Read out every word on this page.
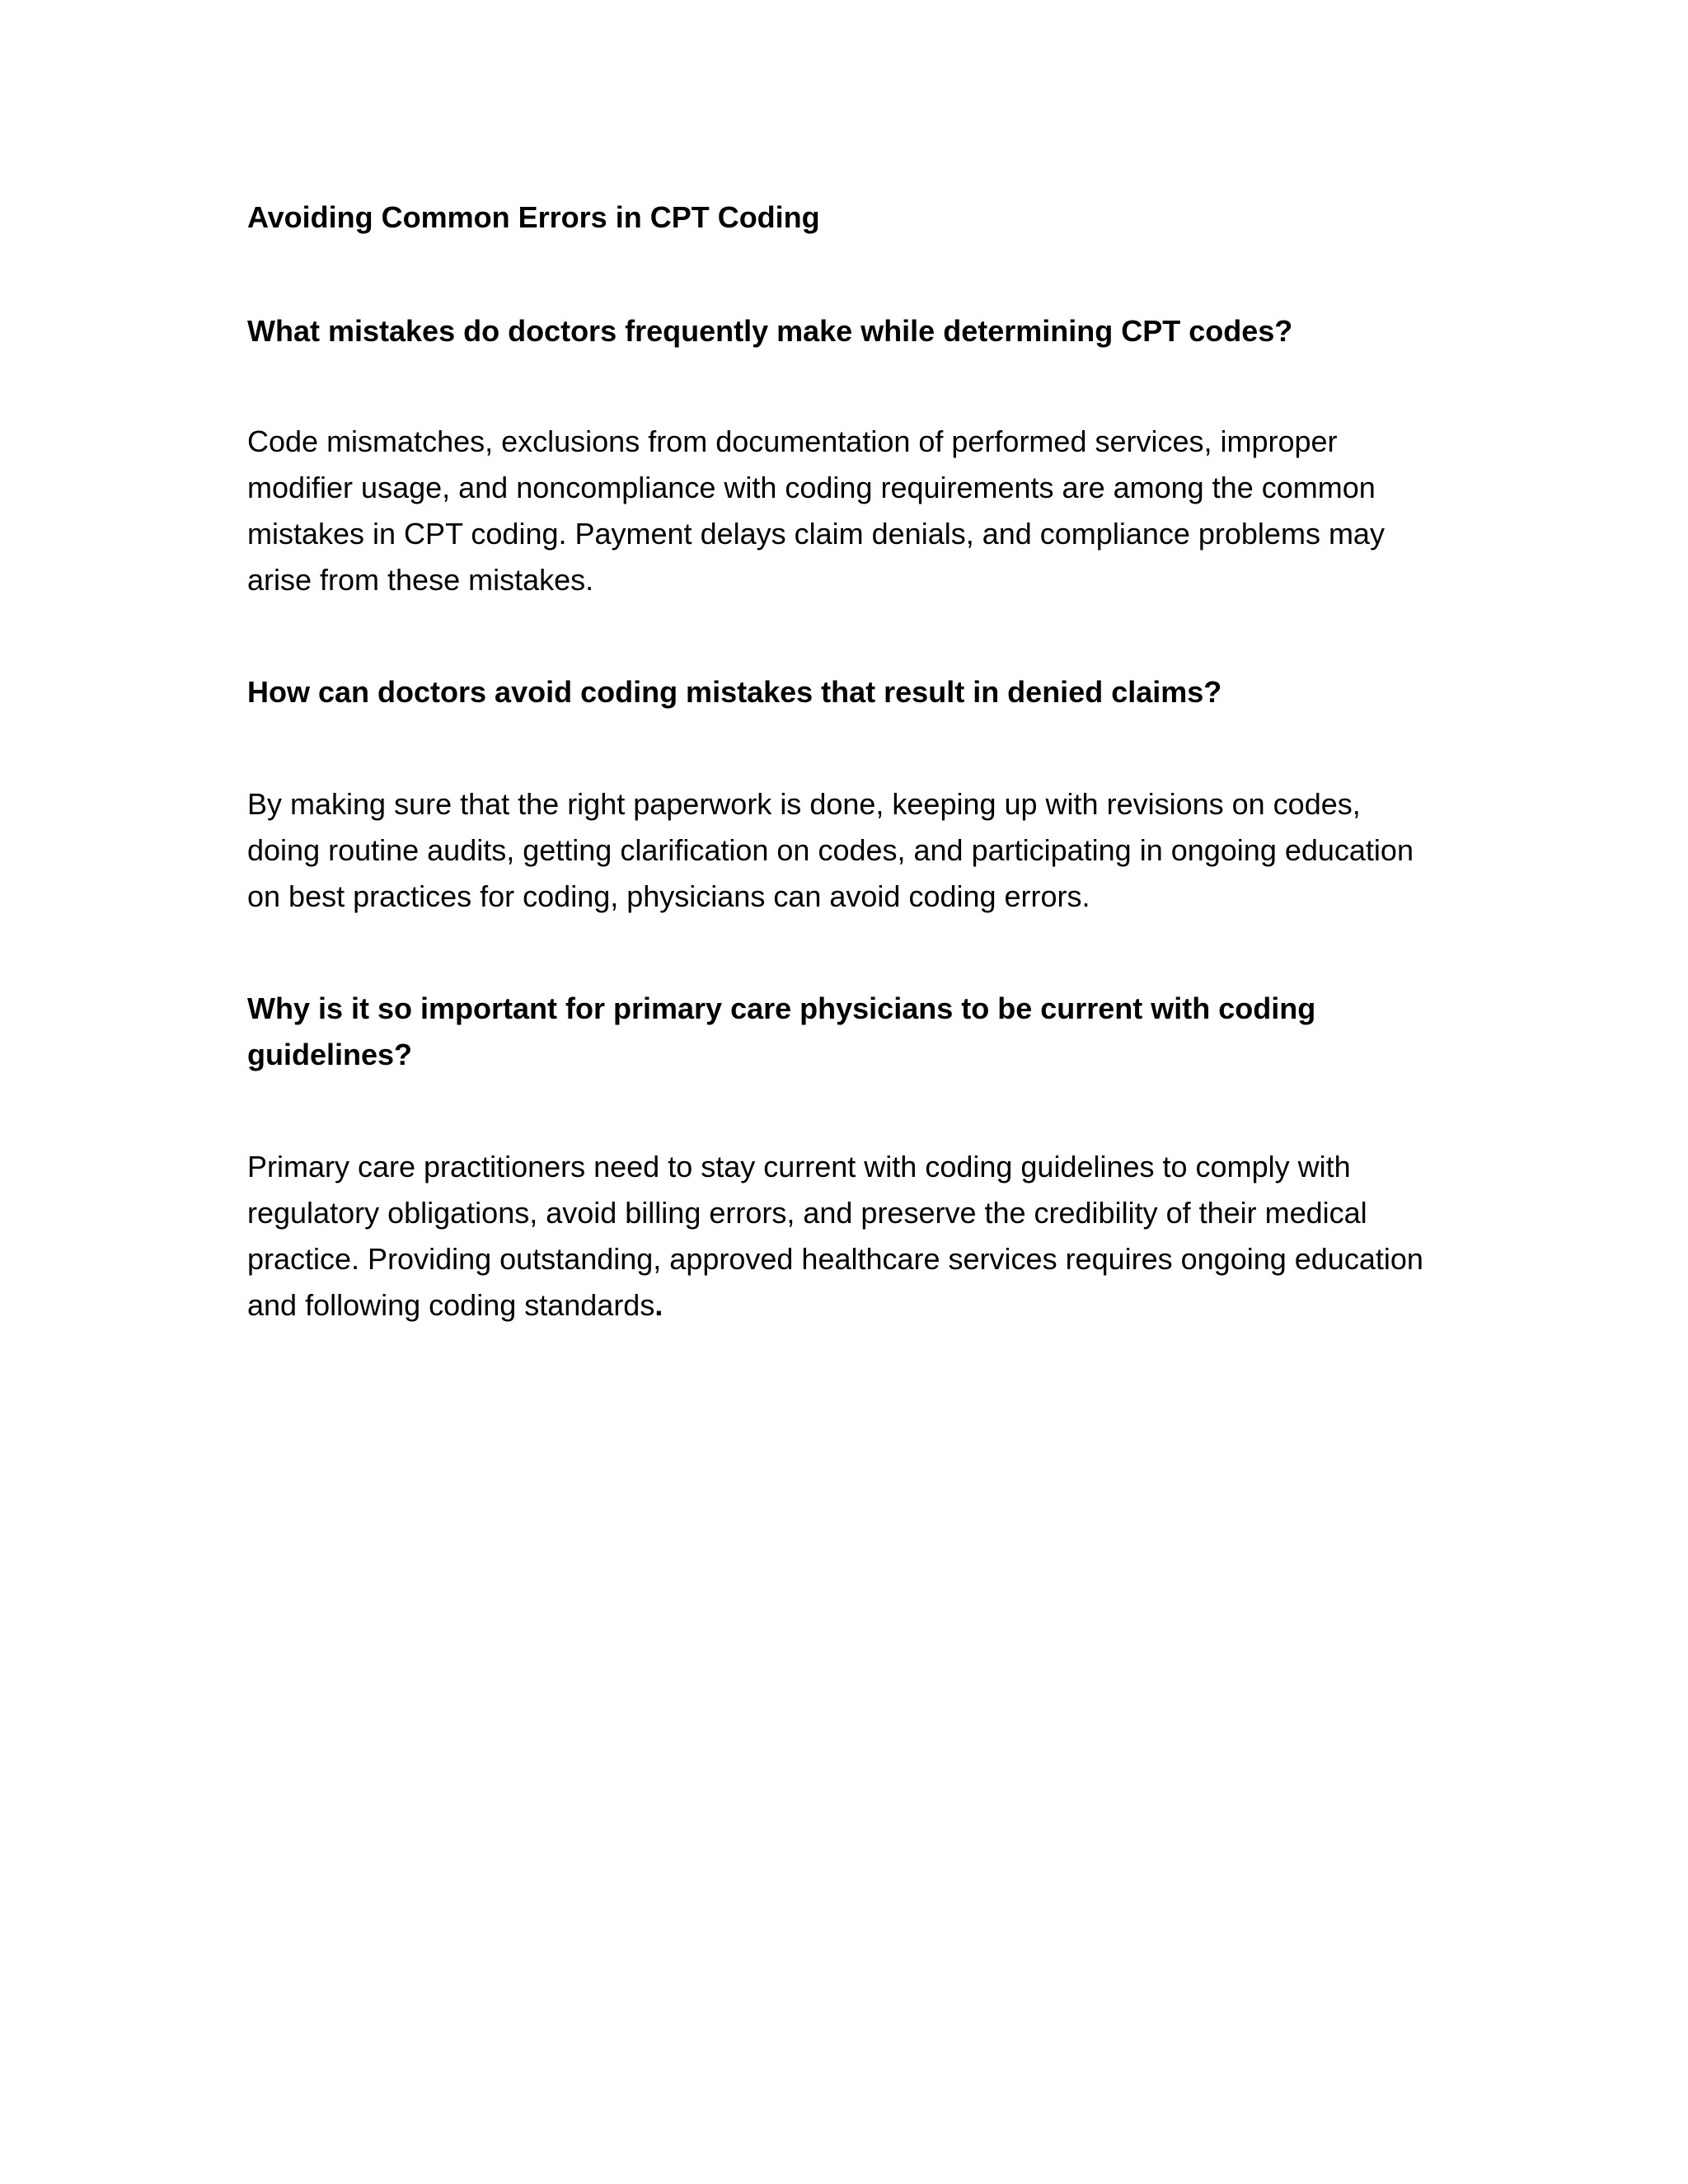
Avoiding Common Errors in CPT Coding
What mistakes do doctors frequently make while determining CPT codes?

Code mismatches, exclusions from documentation of performed services, improper modifier usage, and noncompliance with coding requirements are among the common mistakes in CPT coding. Payment delays claim denials, and compliance problems may arise from these mistakes.

How can doctors avoid coding mistakes that result in denied claims?

By making sure that the right paperwork is done, keeping up with revisions on codes, doing routine audits, getting clarification on codes, and participating in ongoing education on best practices for coding, physicians can avoid coding errors.

Why is it so important for primary care physicians to be current with coding guidelines?

Primary care practitioners need to stay current with coding guidelines to comply with regulatory obligations, avoid billing errors, and preserve the credibility of their medical practice. Providing outstanding, approved healthcare services requires ongoing education and following coding standards.
